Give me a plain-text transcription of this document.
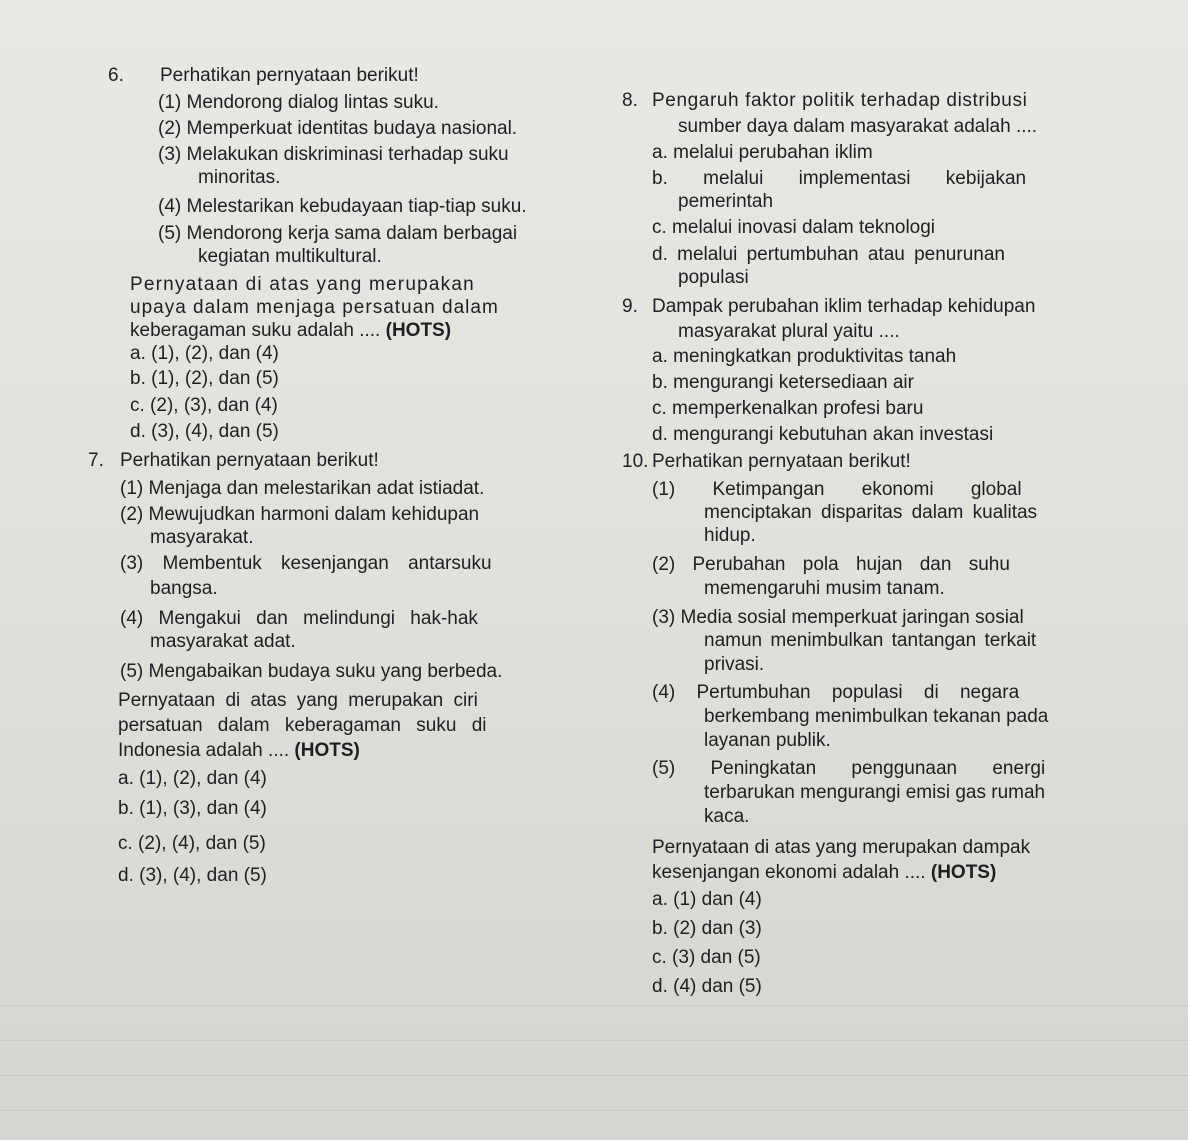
6. Perhatikan pernyataan berikut!
(1) Mendorong dialog lintas suku.
(2) Memperkuat identitas budaya nasional.
(3) Melakukan diskriminasi terhadap suku
minoritas.
(4) Melestarikan kebudayaan tiap-tiap suku.
(5) Mendorong kerja sama dalam berbagai
kegiatan multikultural.
Pernyataan di atas yang merupakan
upaya dalam menjaga persatuan dalam
keberagaman suku adalah .... (HOTS)
a. (1), (2), dan (4)
b. (1), (2), dan (5)
c. (2), (3), dan (4)
d. (3), (4), dan (5)
7. Perhatikan pernyataan berikut!
(1) Menjaga dan melestarikan adat istiadat.
(2) Mewujudkan harmoni dalam kehidupan
masyarakat.
(3) Membentuk kesenjangan antarsuku
bangsa.
(4) Mengakui dan melindungi hak-hak
masyarakat adat.
(5) Mengabaikan budaya suku yang berbeda.
Pernyataan di atas yang merupakan ciri
persatuan dalam keberagaman suku di
Indonesia adalah .... (HOTS)
a. (1), (2), dan (4)
b. (1), (3), dan (4)
c. (2), (4), dan (5)
d. (3), (4), dan (5)
8. Pengaruh faktor politik terhadap distribusi
sumber daya dalam masyarakat adalah ....
a. melalui perubahan iklim
b. melalui implementasi kebijakan
pemerintah
c. melalui inovasi dalam teknologi
d. melalui pertumbuhan atau penurunan
populasi
9. Dampak perubahan iklim terhadap kehidupan
masyarakat plural yaitu ....
a. meningkatkan produktivitas tanah
b. mengurangi ketersediaan air
c. memperkenalkan profesi baru
d. mengurangi kebutuhan akan investasi
10. Perhatikan pernyataan berikut!
(1) Ketimpangan ekonomi global
menciptakan disparitas dalam kualitas
hidup.
(2) Perubahan pola hujan dan suhu
memengaruhi musim tanam.
(3) Media sosial memperkuat jaringan sosial
namun menimbulkan tantangan terkait
privasi.
(4) Pertumbuhan populasi di negara
berkembang menimbulkan tekanan pada
layanan publik.
(5) Peningkatan penggunaan energi
terbarukan mengurangi emisi gas rumah
kaca.
Pernyataan di atas yang merupakan dampak
kesenjangan ekonomi adalah .... (HOTS)
a. (1) dan (4)
b. (2) dan (3)
c. (3) dan (5)
d. (4) dan (5)
